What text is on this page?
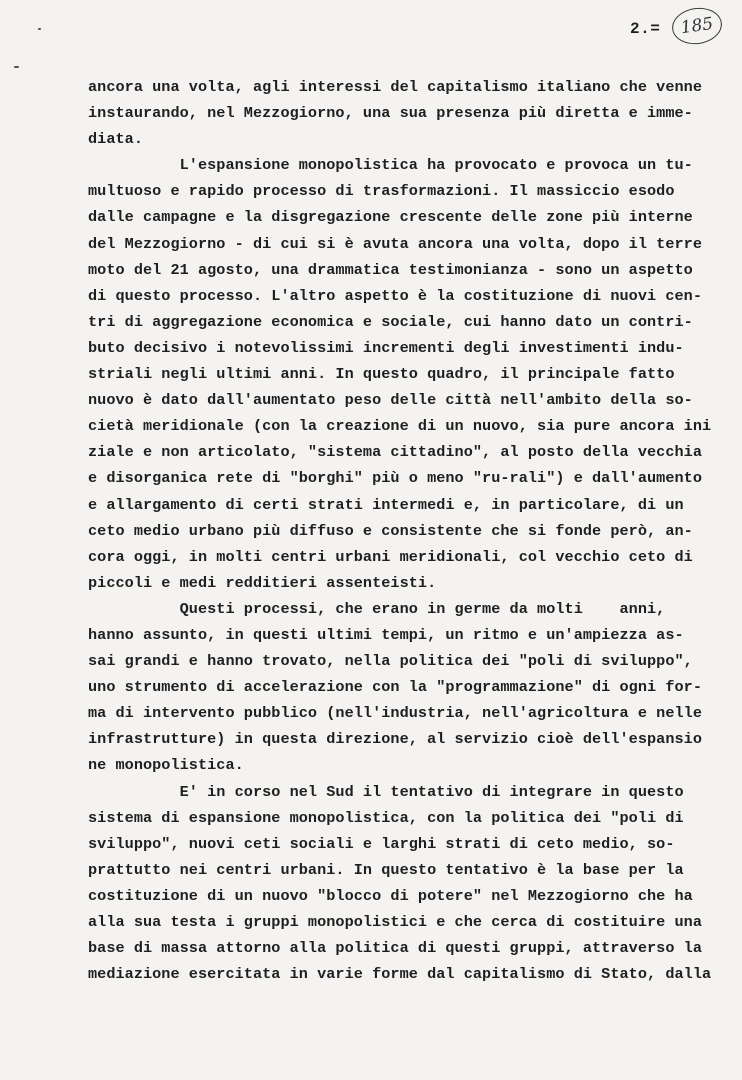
2.=	185
ancora una volta, agli interessi del capitalismo italiano che venne
instaurando, nel Mezzogiorno, una sua presenza più diretta e imme-
diata.
L'espansione monopolistica ha provocato e provoca un tu-
multuoso e rapido processo di trasformazioni. Il massiccio esodo
dalle campagne e la disgregazione crescente delle zone più interne
del Mezzogiorno - di cui si è avuta ancora una volta, dopo il terre
moto del 21 agosto, una drammatica testimonianza - sono un aspetto
di questo processo. L'altro aspetto è la costituzione di nuovi cen-
tri di aggregazione economica e sociale, cui hanno dato un contri-
buto decisivo i notevolissimi incrementi degli investimenti indu-
striali negli ultimi anni. In questo quadro, il principale fatto
nuovo è dato dall'aumentato peso delle città nell'ambito della so-
cietà meridionale (con la creazione di un nuovo, sia pure ancora ini
ziale e non articolato, "sistema cittadino", al posto della vecchia
e disorganica rete di "borghi" più o meno "ru-rali") e dall'aumento
e allargamento di certi strati intermedi e, in particolare, di un
ceto medio urbano più diffuso e consistente che si fonde però, an-
cora oggi, in molti centri urbani meridionali, col vecchio ceto di
piccoli e medi redditieri assenteisti.
Questi processi, che erano in germe da molti    anni,
hanno assunto, in questi ultimi tempi, un ritmo e un'ampiezza as-
sai grandi e hanno trovato, nella politica dei "poli di sviluppo",
uno strumento di accelerazione con la "programmazione" di ogni for-
ma di intervento pubblico (nell'industria, nell'agricoltura e nelle
infrastrutture) in questa direzione, al servizio cioè dell'espansio
ne monopolistica.
E' in corso nel Sud il tentativo di integrare in questo
sistema di espansione monopolistica, con la politica dei "poli di
sviluppo", nuovi ceti sociali e larghi strati di ceto medio, so-
prattutto nei centri urbani. In questo tentativo è la base per la
costituzione di un nuovo "blocco di potere" nel Mezzogiorno che ha
alla sua testa i gruppi monopolistici e che cerca di costituire una
base di massa attorno alla politica di questi gruppi, attraverso la
mediazione esercitata in varie forme dal capitalismo di Stato, dalla
